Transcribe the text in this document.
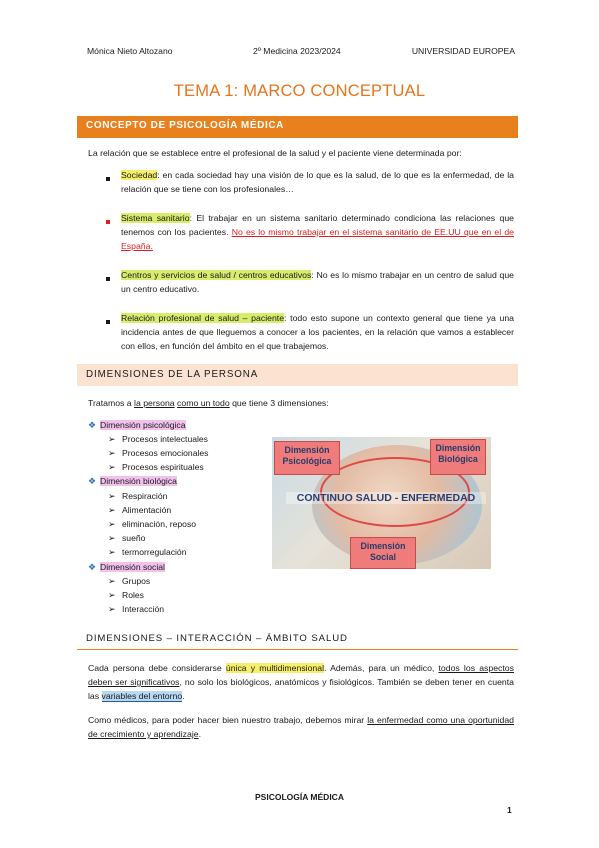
Mónica Nieto Altozano	2º Medicina 2023/2024	UNIVERSIDAD EUROPEA
TEMA 1: MARCO CONCEPTUAL
CONCEPTO DE PSICOLOGÍA MÉDICA
La relación que se establece entre el profesional de la salud y el paciente viene determinada por:
Sociedad: en cada sociedad hay una visión de lo que es la salud, de lo que es la enfermedad, de la relación que se tiene con los profesionales…
Sistema sanitario: El trabajar en un sistema sanitario determinado condiciona las relaciones que tenemos con los pacientes. No es lo mismo trabajar en el sistema sanitario de EE.UU que en el de España.
Centros y servicios de salud / centros educativos: No es lo mismo trabajar en un centro de salud que un centro educativo.
Relación profesional de salud – paciente: todo esto supone un contexto general que tiene ya una incidencia antes de que lleguemos a conocer a los pacientes, en la relación que vamos a establecer con ellos, en función del ámbito en el que trabajemos.
DIMENSIONES DE LA PERSONA
Tratamos a la persona como un todo que tiene 3 dimensiones:
❖ Dimensión psicológica
➢ Procesos intelectuales
➢ Procesos emocionales
➢ Procesos espirituales
❖ Dimensión biológica
➢ Respiración
➢ Alimentación
➢ eliminación, reposo
➢ sueño
➢ termorregulación
❖ Dimensión social
➢ Grupos
➢ Roles
➢ Interacción
Dimensión Psicológica
Dimensión Biológica
Dimensión Social
CONTINUO SALUD - ENFERMEDAD
DIMENSIONES – INTERACCIÓN – ÁMBITO SALUD
Cada persona debe considerarse única y multidimensional. Además, para un médico, todos los aspectos deben ser significativos, no solo los biológicos, anatómicos y fisiológicos. También se deben tener en cuenta las variables del entorno.
Como médicos, para poder hacer bien nuestro trabajo, debemos mirar la enfermedad como una oportunidad de crecimiento y aprendizaje.
PSICOLOGÍA MÉDICA
1
